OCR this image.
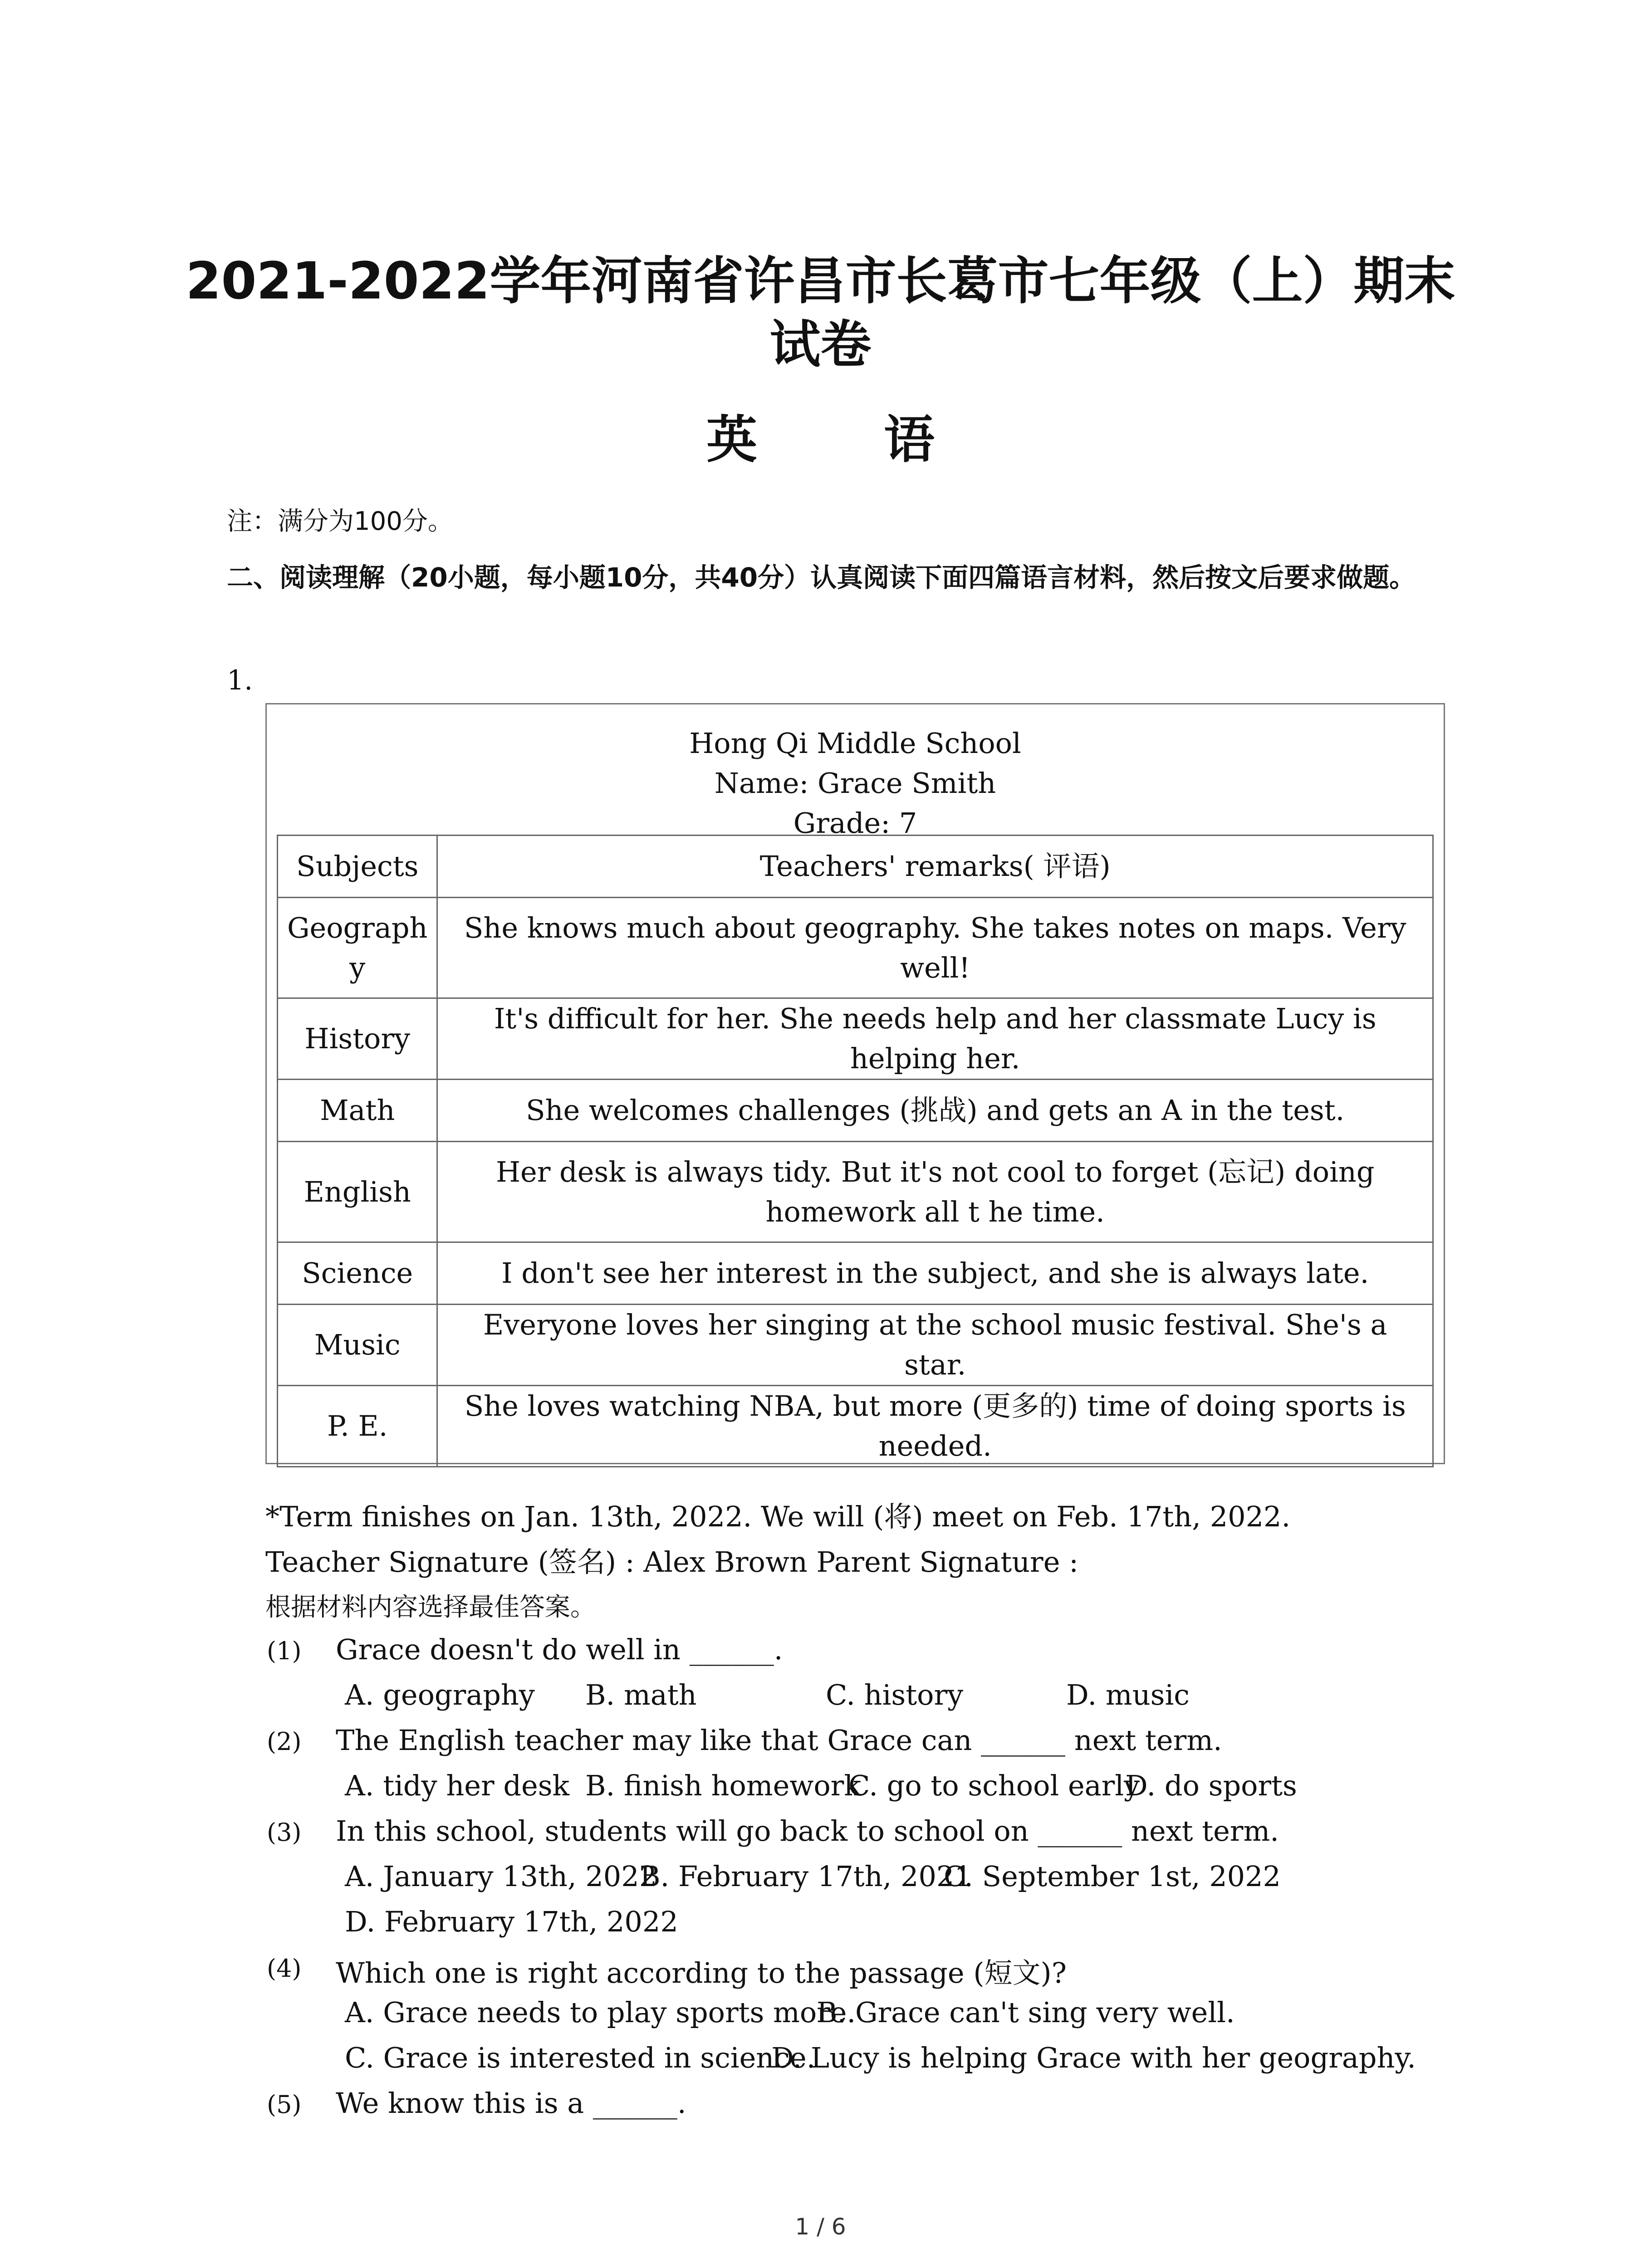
2021-2022学年河南省许昌市长葛市七年级（上）期末
试卷
英 语
注：满分为100分。
二、阅读理解（20小题，每小题10分，共40分）认真阅读下面四篇语言材料，然后按文后要求做题。
1.
Hong Qi Middle School
Name: Grace Smith
Grade: 7
Subjects	Teachers' remarks( 评语)
Geograph y	She knows much about geography. She takes notes on maps. Very well!
History	It's difficult for her. She needs help and her classmate Lucy is helping her.
Math	She welcomes challenges (挑战) and gets an A in the test.
English	Her desk is always tidy. But it's not cool to forget (忘记) doing homework all t he time.
Science	I don't see her interest in the subject, and she is always late.
Music	Everyone loves her singing at the school music festival. She's a star.
P. E.	She loves watching NBA, but more (更多的) time of doing sports is needed.
*Term finishes on Jan. 13th, 2022. We will (将) meet on Feb. 17th, 2022.
Teacher Signature (签名) : Alex Brown Parent Signature :
根据材料内容选择最佳答案。
(1) Grace doesn't do well in ______.
A. geography B. math	C. history	D. music
(2) The English teacher may like that Grace can ______ next term.
A. tidy her desk B. finish homework
C. go to school early
D. do sports
(3) In this school, students will go back to school on ______ next term.
A. January 13th, 2022
B. February 17th, 2021
C. September 1st, 2022
D. February 17th, 2022
(4) Which one is right according to the passage (短文)?
A. Grace needs to play sports more.
B. Grace can't sing very well.
C. Grace is interested in science.
D. Lucy is helping Grace with her geography.
(5) We know this is a ______.
1 / 6
